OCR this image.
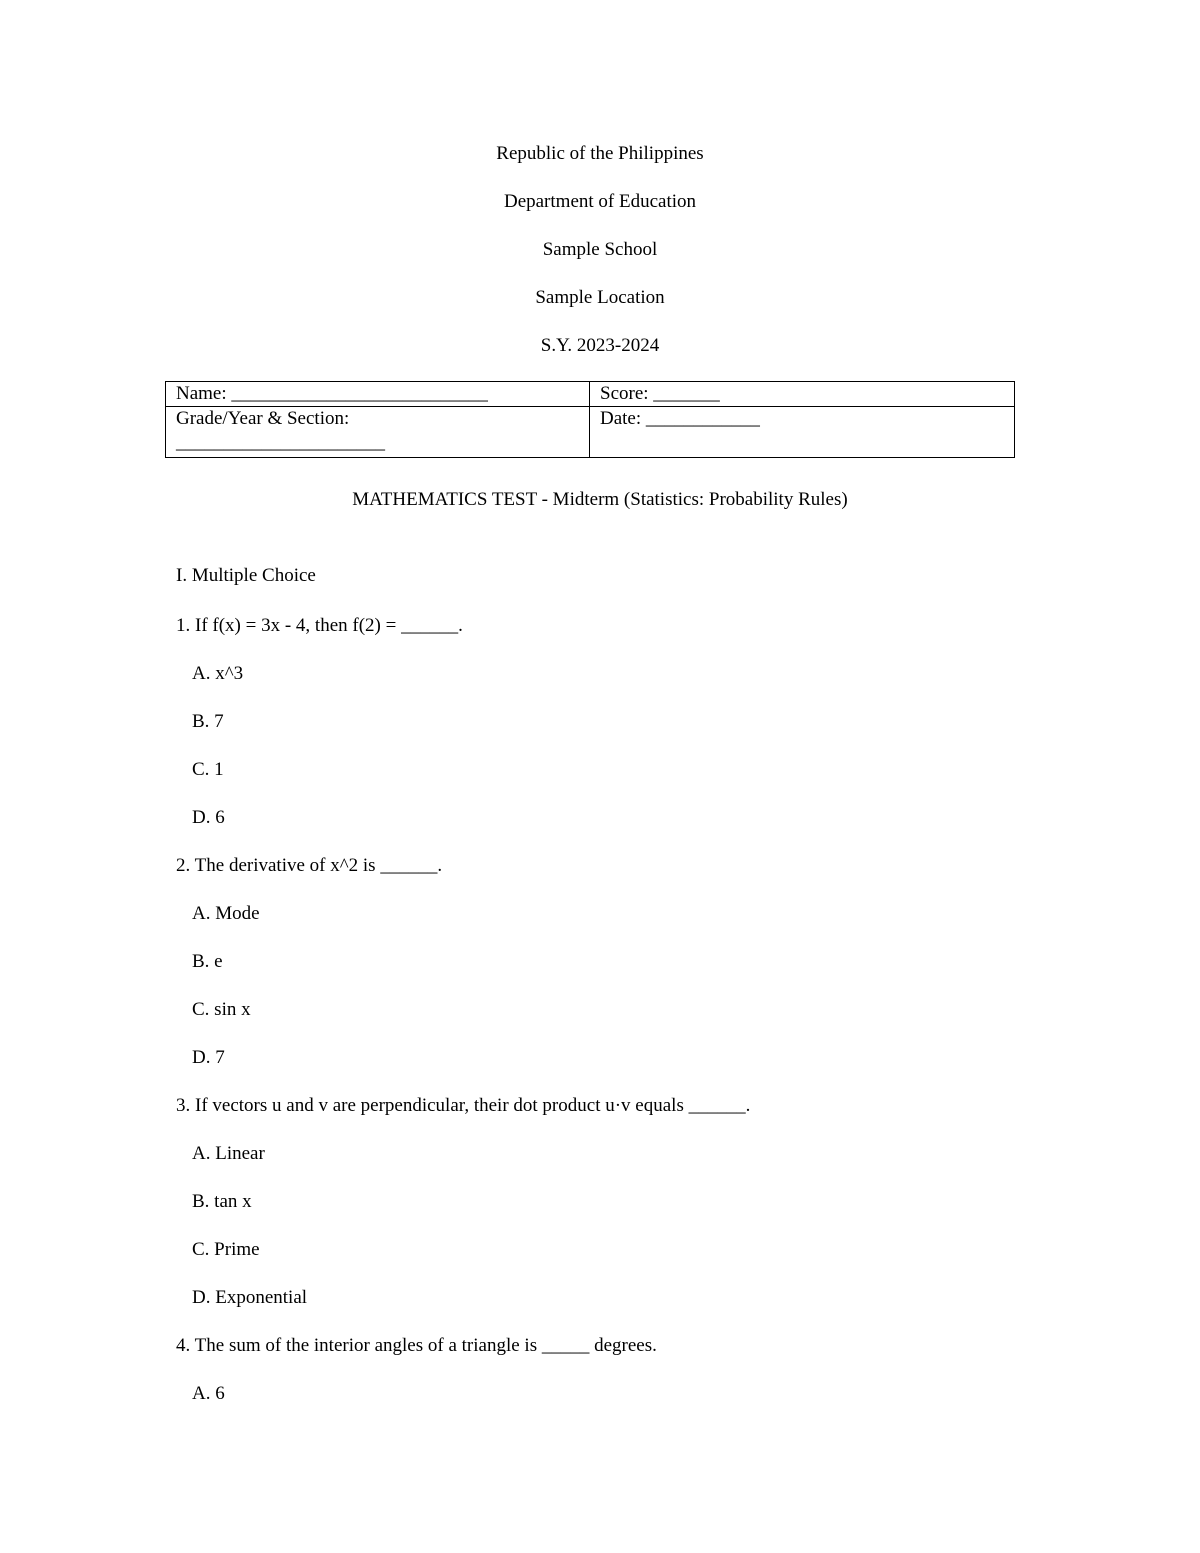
Republic of the Philippines
Department of Education
Sample School
Sample Location
S.Y. 2023-2024
Name: ___________________________	Score: _______

Grade/Year & Section:
______________________	Date: ____________
MATHEMATICS TEST - Midterm (Statistics: Probability Rules)
I. Multiple Choice
1. If f(x) = 3x - 4, then f(2) = ______.
A. x^3
B. 7
C. 1
D. 6
2. The derivative of x^2 is ______.
A. Mode
B. e
C. sin x
D. 7
3. If vectors u and v are perpendicular, their dot product u·v equals ______.
A. Linear
B. tan x
C. Prime
D. Exponential
4. The sum of the interior angles of a triangle is _____ degrees.
A. 6
